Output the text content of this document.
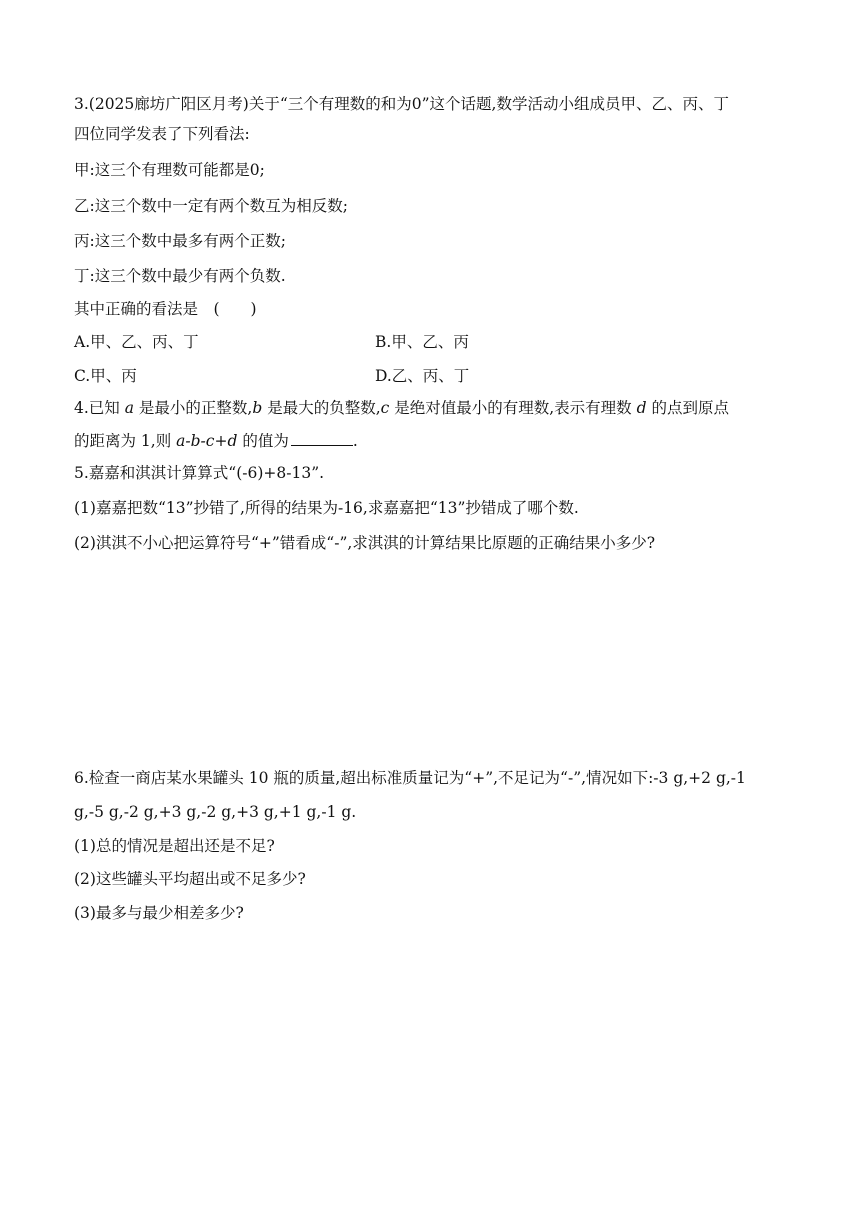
3.(2025廊坊广阳区月考)关于“三个有理数的和为0”这个话题,数学活动小组成员甲、乙、丙、丁
四位同学发表了下列看法:
甲:这三个有理数可能都是0;
乙:这三个数中一定有两个数互为相反数;
丙:这三个数中最多有两个正数;
丁:这三个数中最少有两个负数.
其中正确的看法是　(　　)
A.甲、乙、丙、丁	B.甲、乙、丙
C.甲、丙	D.乙、丙、丁
4.已知 a 是最小的正整数,b 是最大的负整数,c 是绝对值最小的有理数,表示有理数 d 的点到原点
的距离为 1,则 a-b-c+d 的值为	.
5.嘉嘉和淇淇计算算式“(-6)+8-13”.
(1)嘉嘉把数“13”抄错了,所得的结果为-16,求嘉嘉把“13”抄错成了哪个数.
(2)淇淇不小心把运算符号“+”错看成“-”,求淇淇的计算结果比原题的正确结果小多少?
6.检查一商店某水果罐头 10 瓶的质量,超出标准质量记为“+”,不足记为“-”,情况如下:-3 g,+2 g,-1
g,-5 g,-2 g,+3 g,-2 g,+3 g,+1 g,-1 g.
(1)总的情况是超出还是不足?
(2)这些罐头平均超出或不足多少?
(3)最多与最少相差多少?
